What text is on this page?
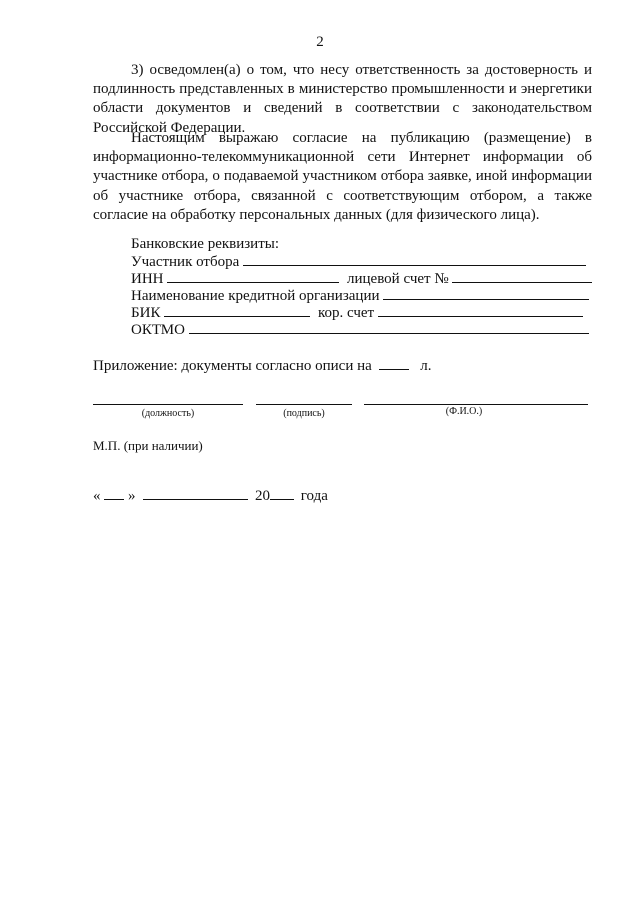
2
3) осведомлен(а) о том, что несу ответственность за достоверность и подлинность представленных в министерство промышленности и энергетики области документов и сведений в соответствии с законодательством Российской Федерации.
Настоящим выражаю согласие на публикацию (размещение) в информационно-телекоммуникационной сети Интернет информации об участнике отбора, о подаваемой участником отбора заявке, иной информации об участнике отбора, связанной с соответствующим отбором, а также согласие на обработку персональных данных (для физического лица).
Банковские реквизиты:
Участник отбора
ИНН	лицевой счет №
Наименование кредитной организации
БИК	кор. счет
ОКТМО
Приложение: документы согласно описи на	л.
(должность)	(подпись)	(Ф.И.О.)
М.П. (при наличии)
« »	20 года
